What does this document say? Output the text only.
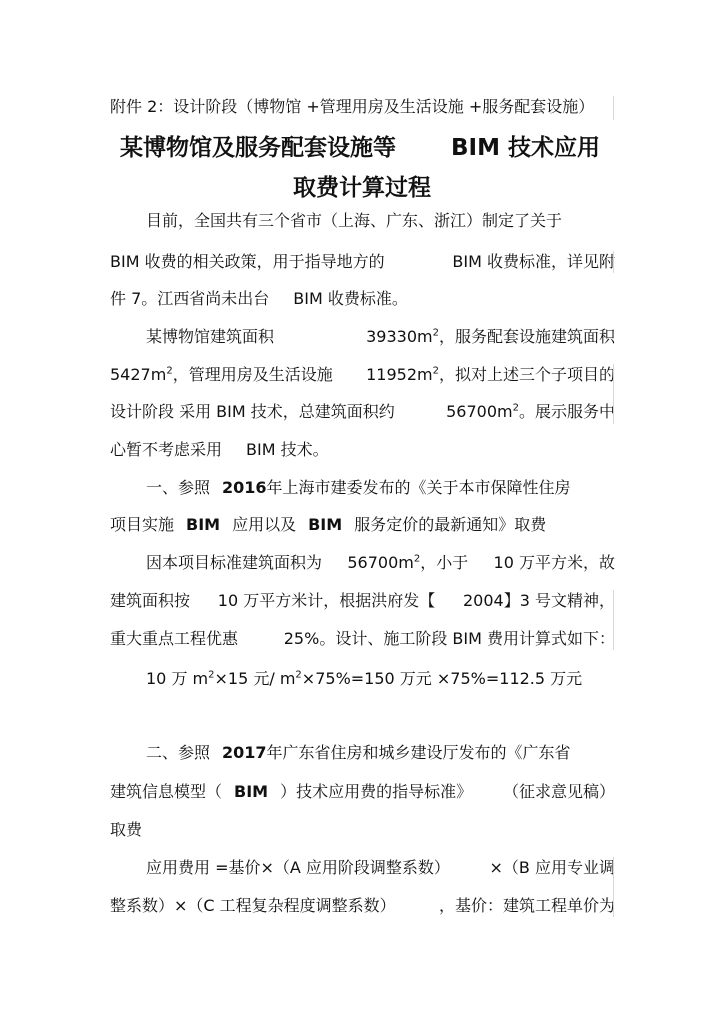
附件 2：设计阶段（博物馆 +管理用房及生活设施 +服务配套设施）
某博物馆及服务配套设施等 BIM 技术应用
取费计算过程
目前，全国共有三个省市（上海、广东、浙江）制定了关于
BIM 收费的相关政策，用于指导地方的	BIM 收费标准，详见附
件 7。江西省尚未出台 BIM 收费标准。
某博物馆建筑面积	$39330m^2$，服务配套设施建筑面积
$5427m^2$，管理用房及生活设施 $11952m^2$，拟对上述三个子项目的
设计阶段 采用 BIM 技术，总建筑面积约	$56700m^2$。展示服务中
心暂不考虑采用 BIM 技术。
一、参照 2016年上海市建委发布的《关于本市保障性住房
项目实施 BIM 应用以及 BIM 服务定价的最新通知》取费
因本项目标准建筑面积为 $56700m^2$，小于 10 万平方米，故
建筑面积按 10 万平方米计，根据洪府发【 2004】3 号文精神，
重大重点工程优惠	25%。设计、施工阶段 BIM 费用计算式如下：
10 万 $m^2\times 15$ 元/ $m^2\times 75\%=150$ 万元 ×75%=112.5 万元
二、参照 2017年广东省住房和城乡建设厅发布的《广东省
建筑信息模型（ BIM ）技术应用费的指导标准》 （征求意见稿）
取费
应用费用 =基价×（A 应用阶段调整系数） ×（B 应用专业调
整系数）×（C 工程复杂程度调整系数）	，基价：建筑工程单价为
